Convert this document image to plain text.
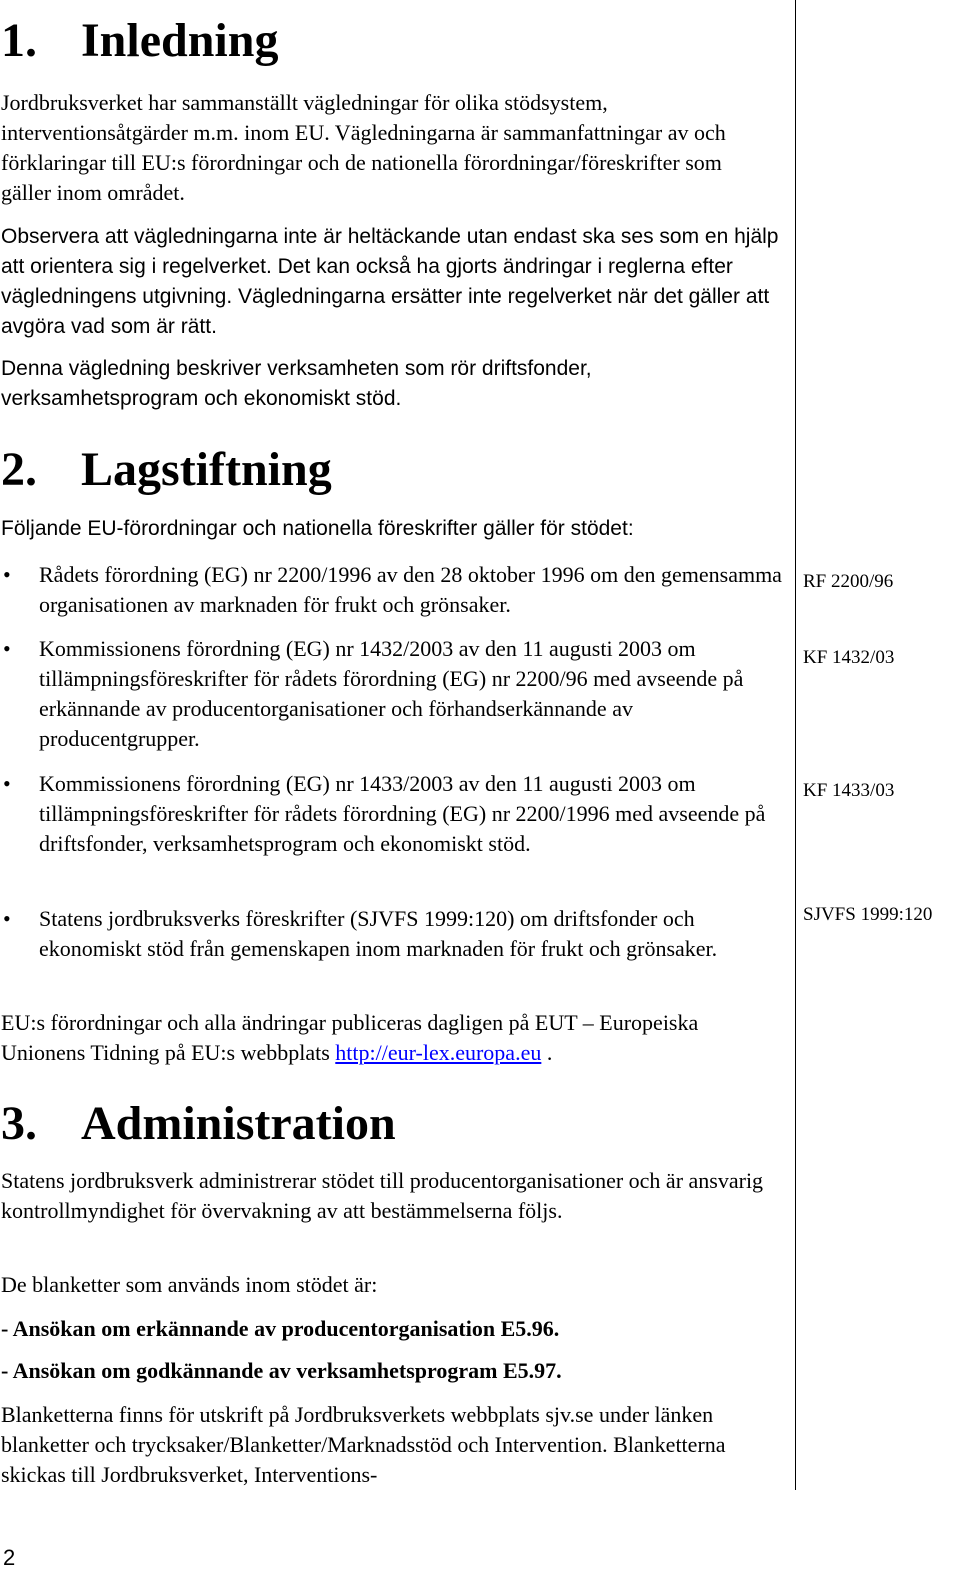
1. Inledning

Jordbruksverket har sammanställt vägledningar för olika stödsystem, interventionsåtgärder m.m. inom EU. Vägledningarna är sammanfattningar av och förklaringar till EU:s förordningar och de nationella förordningar/föreskrifter som gäller inom området.

Observera att vägledningarna inte är heltäckande utan endast ska ses som en hjälp att orientera sig i regelverket. Det kan också ha gjorts ändringar i reglerna efter vägledningens utgivning. Vägledningarna ersätter inte regelverket när det gäller att avgöra vad som är rätt.

Denna vägledning beskriver verksamheten som rör driftsfonder, verksamhetsprogram och ekonomiskt stöd.

2. Lagstiftning

Följande EU-förordningar och nationella föreskrifter gäller för stödet:

• Rådets förordning (EG) nr 2200/1996 av den 28 oktober 1996 om den gemensamma organisationen av marknaden för frukt och grönsaker.
RF 2200/96
• Kommissionens förordning (EG) nr 1432/2003 av den 11 augusti 2003 om tillämpningsföreskrifter för rådets förordning (EG) nr 2200/96 med avseende på erkännande av producentorganisationer och förhandserkännande av producentgrupper.
KF 1432/03
• Kommissionens förordning (EG) nr 1433/2003 av den 11 augusti 2003 om tillämpningsföreskrifter för rådets förordning (EG) nr 2200/1996 med avseende på driftsfonder, verksamhetsprogram och ekonomiskt stöd.
KF 1433/03
• Statens jordbruksverks föreskrifter (SJVFS 1999:120) om driftsfonder och ekonomiskt stöd från gemenskapen inom marknaden för frukt och grönsaker.
SJVFS 1999:120

EU:s förordningar och alla ändringar publiceras dagligen på EUT – Europeiska Unionens Tidning på EU:s webbplats http://eur-lex.europa.eu .

3. Administration

Statens jordbruksverk administrerar stödet till producentorganisationer och är ansvarig kontrollmyndighet för övervakning av att bestämmelserna följs.

De blanketter som används inom stödet är:

- Ansökan om erkännande av producentorganisation E5.96.

- Ansökan om godkännande av verksamhetsprogram E5.97.

Blanketterna finns för utskrift på Jordbruksverkets webbplats sjv.se under länken blanketter och trycksaker/Blanketter/Marknadsstöd och Intervention. Blanketterna skickas till Jordbruksverket, Interventions-

2
